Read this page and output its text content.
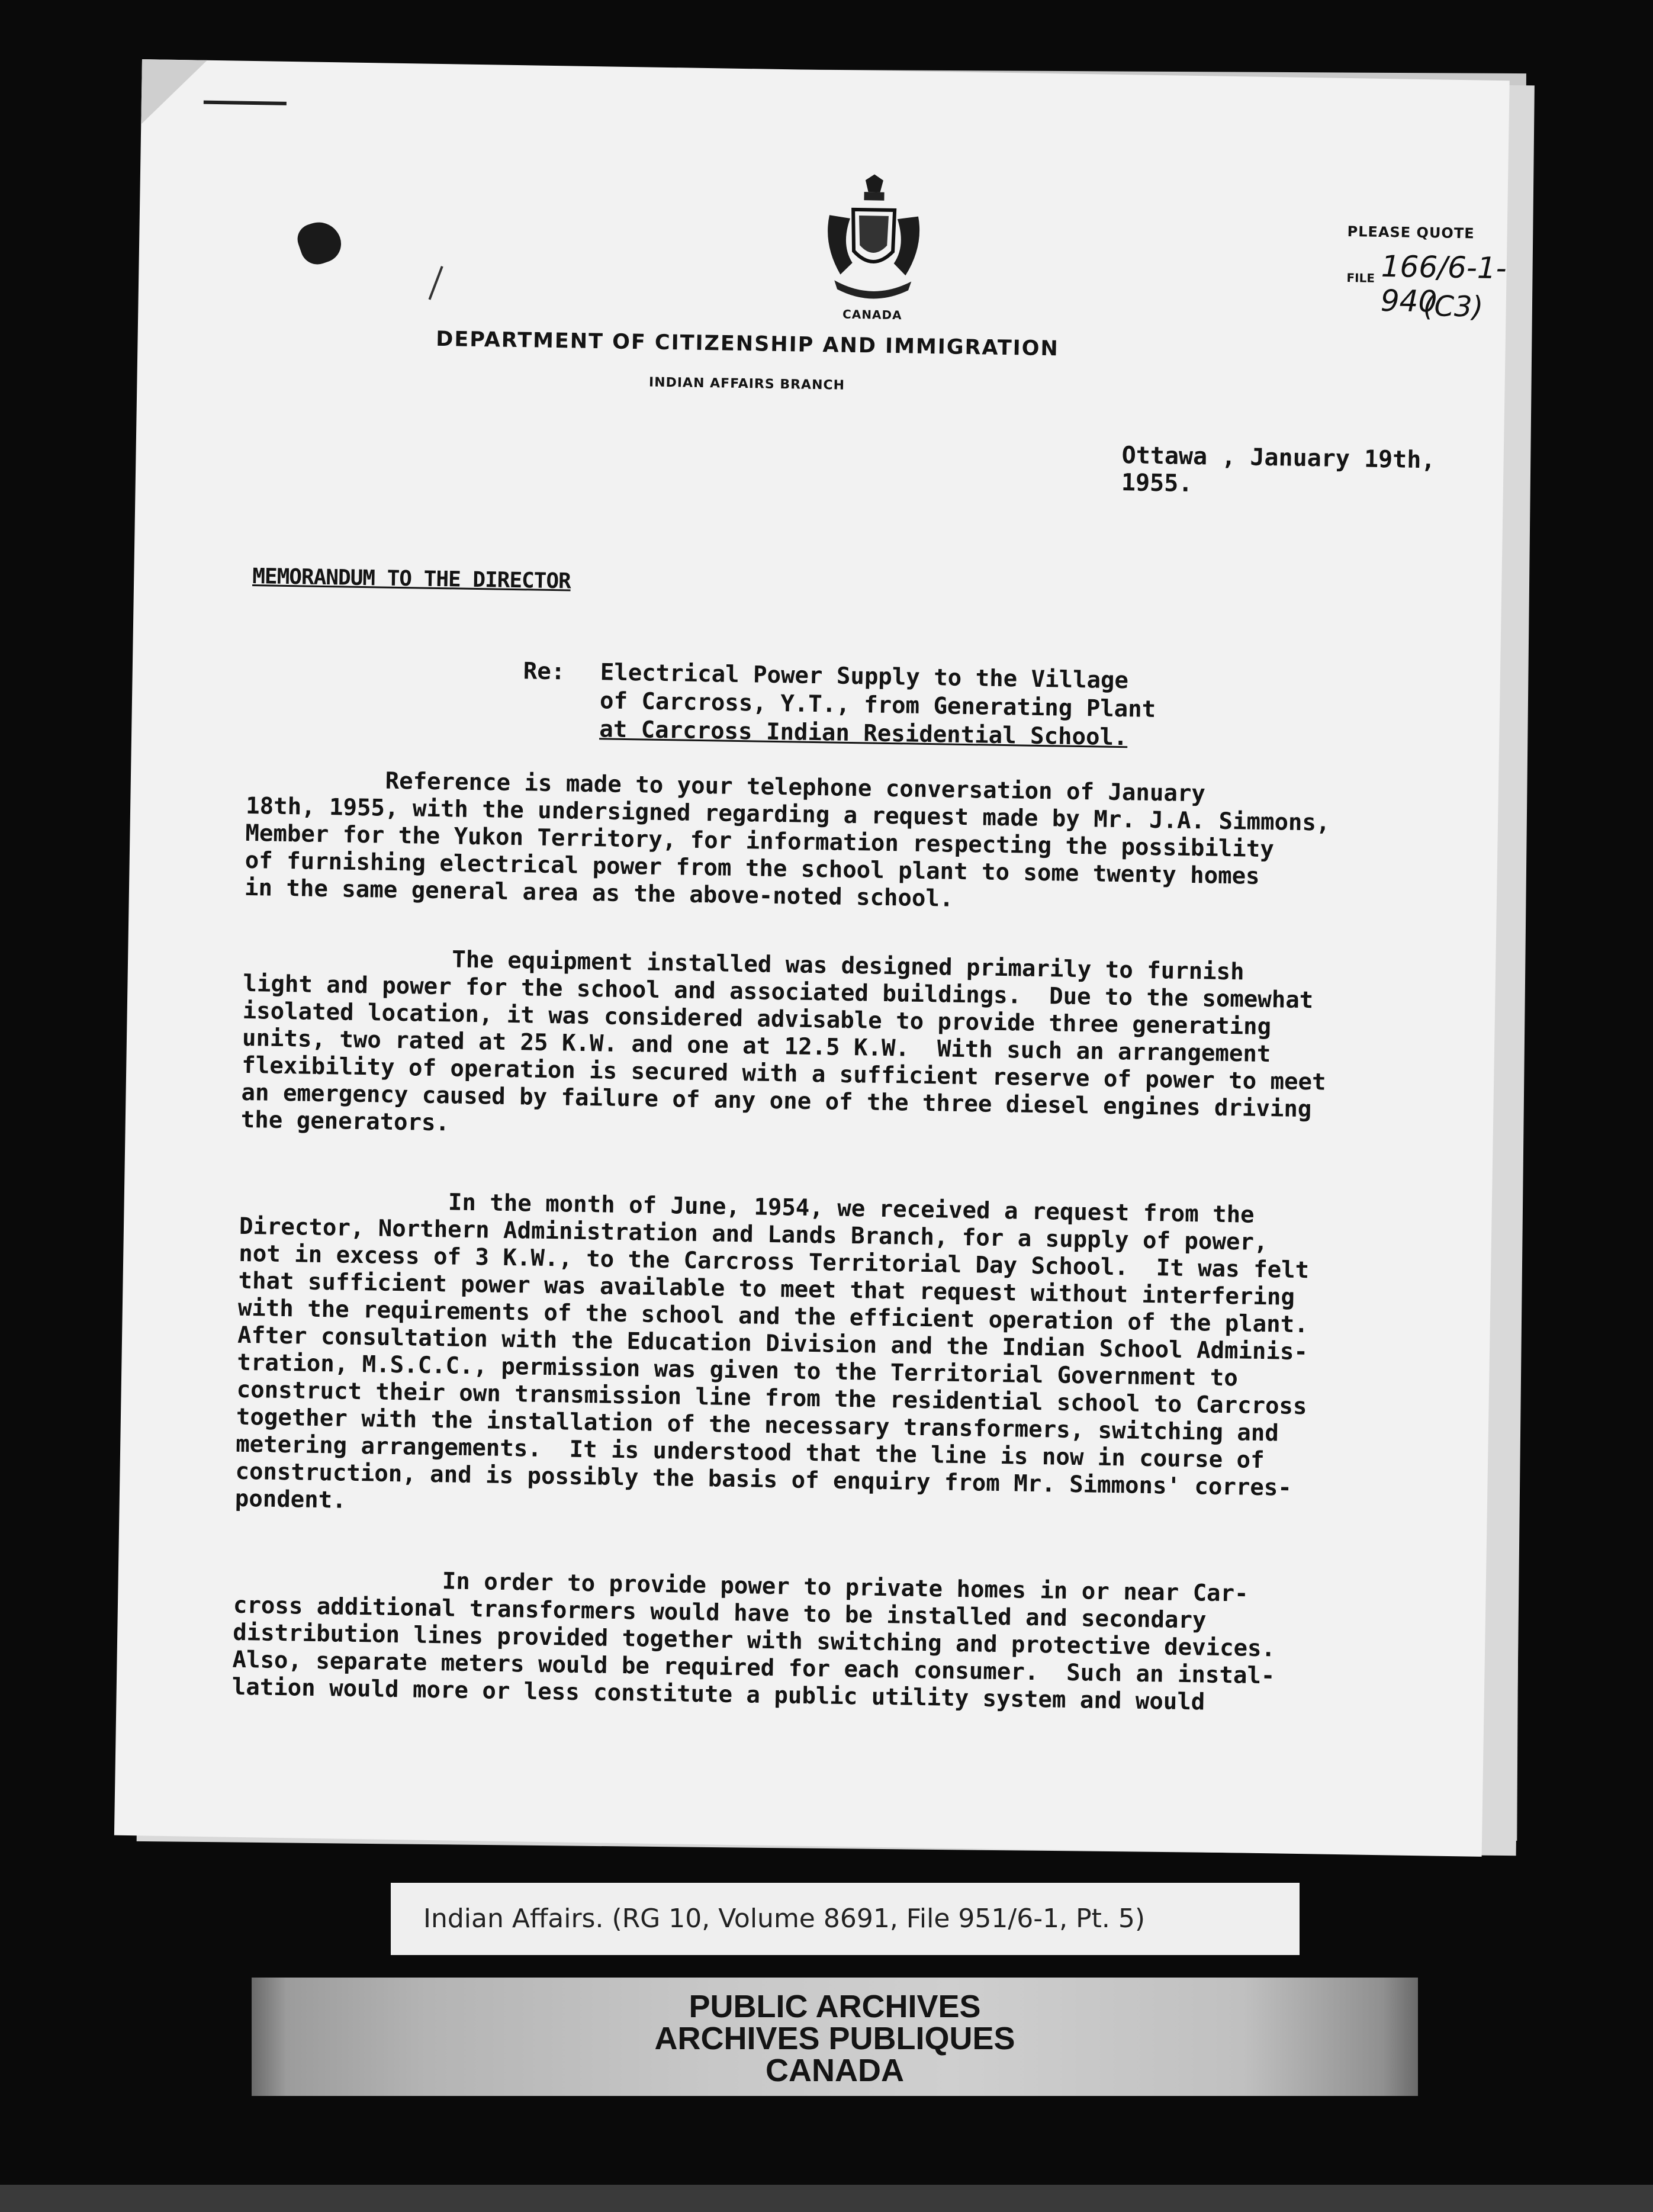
CANADA
PLEASE QUOTE
FILE 166/6-1-940
(C3)
DEPARTMENT OF CITIZENSHIP AND IMMIGRATION
INDIAN AFFAIRS BRANCH
Ottawa , January 19th, 1955.
MEMORANDUM TO THE DIRECTOR
Re: Electrical Power Supply to the Village
of Carcross, Y.T., from Generating Plant
at Carcross Indian Residential School.
Reference is made to your telephone conversation of January
18th, 1955, with the undersigned regarding a request made by Mr. J.A. Simmons,
Member for the Yukon Territory, for information respecting the possibility
of furnishing electrical power from the school plant to some twenty homes
in the same general area as the above-noted school.
The equipment installed was designed primarily to furnish
light and power for the school and associated buildings.  Due to the somewhat
isolated location, it was considered advisable to provide three generating
units, two rated at 25 K.W. and one at 12.5 K.W.  With such an arrangement
flexibility of operation is secured with a sufficient reserve of power to meet
an emergency caused by failure of any one of the three diesel engines driving
the generators.
In the month of June, 1954, we received a request from the
Director, Northern Administration and Lands Branch, for a supply of power,
not in excess of 3 K.W., to the Carcross Territorial Day School.  It was felt
that sufficient power was available to meet that request without interfering
with the requirements of the school and the efficient operation of the plant.
After consultation with the Education Division and the Indian School Adminis-
tration, M.S.C.C., permission was given to the Territorial Government to
construct their own transmission line from the residential school to Carcross
together with the installation of the necessary transformers, switching and
metering arrangements.  It is understood that the line is now in course of
construction, and is possibly the basis of enquiry from Mr. Simmons' corres-
pondent.
In order to provide power to private homes in or near Car-
cross additional transformers would have to be installed and secondary
distribution lines provided together with switching and protective devices.
Also, separate meters would be required for each consumer.  Such an instal-
lation would more or less constitute a public utility system and would
Indian Affairs. (RG 10, Volume 8691, File 951/6-1, Pt. 5)
PUBLIC ARCHIVES
ARCHIVES PUBLIQUES
CANADA
